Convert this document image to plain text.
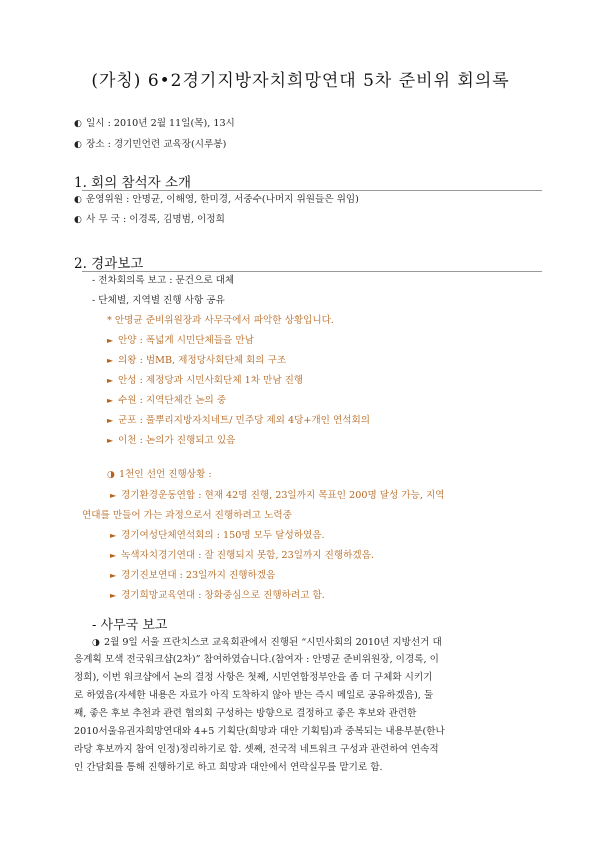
(가칭) 6•2경기지방자치희망연대 5차 준비위 회의록
◐ 일시 : 2010년 2월 11일(목), 13시
◐ 장소 : 경기민언련 교육장(시루봉)
1. 회의 참석자 소개
◐ 운영위원 : 안명균, 이해영, 한미경, 서중수(나머지 위원들은 위임)
◐ 사 무 국 : 이경록, 김명범, 이정희
2. 경과보고
- 전차회의록 보고 : 문건으로 대체
- 단체별, 지역별 진행 사항 공유
* 안명균 준비위원장과 사무국에서 파악한 상황입니다.
► 안양 : 폭넓게 시민단체들을 만남
► 의왕 : 범MB, 제정당사회단체 회의 구조
► 안성 : 제정당과 시민사회단체 1차 만남 진행
► 수원 : 지역단체간 논의 중
► 군포 : 풀뿌리지방자치네트/ 민주당 제외 4당+개인 연석회의
► 이천 : 논의가 진행되고 있음
◑ 1천인 선언 진행상황 :
► 경기환경운동연합 : 현재 42명 진행, 23일까지 목표인 200명 달성 가능, 지역
연대를 만들어 가는 과정으로서 진행하려고 노력중
► 경기여성단체연석회의 : 150명 모두 달성하였음.
► 녹색자치경기연대 : 잘 진행되지 못함, 23일까지 진행하겠음.
► 경기진보연대 : 23일까지 진행하겠음
► 경기희망교육연대 : 창화중심으로 진행하려고 함.
- 사무국 보고
◑ 2월 9일 서울 프란치스코 교육회관에서 진행된 “시민사회의 2010년 지방선거 대
응계획 모색 전국워크샵(2차)” 참여하였습니다.(참여자 : 안명균 준비위원장, 이경록, 이
정희), 이번 워크샵에서 논의 결정 사항은 첫째, 시민연합정부안을 좀 더 구체화 시키기
로 하였음(자세한 내용은 자료가 아직 도착하지 않아 받는 즉시 메일로 공유하겠음), 둘
째, 좋은 후보 추천과 관련 협의회 구성하는 방향으로 결정하고 좋은 후보와 관련한
2010서울유권자희망연대와 4+5 기획단(희망과 대안 기획팀)과 중복되는 내용부분(한나
라당 후보까지 참여 인정)정리하기로 함. 셋째, 전국적 네트워크 구성과 관련하여 연속적
인 간담회를 통해 진행하기로 하고 희망과 대안에서 연락실무를 맡기로 함.
